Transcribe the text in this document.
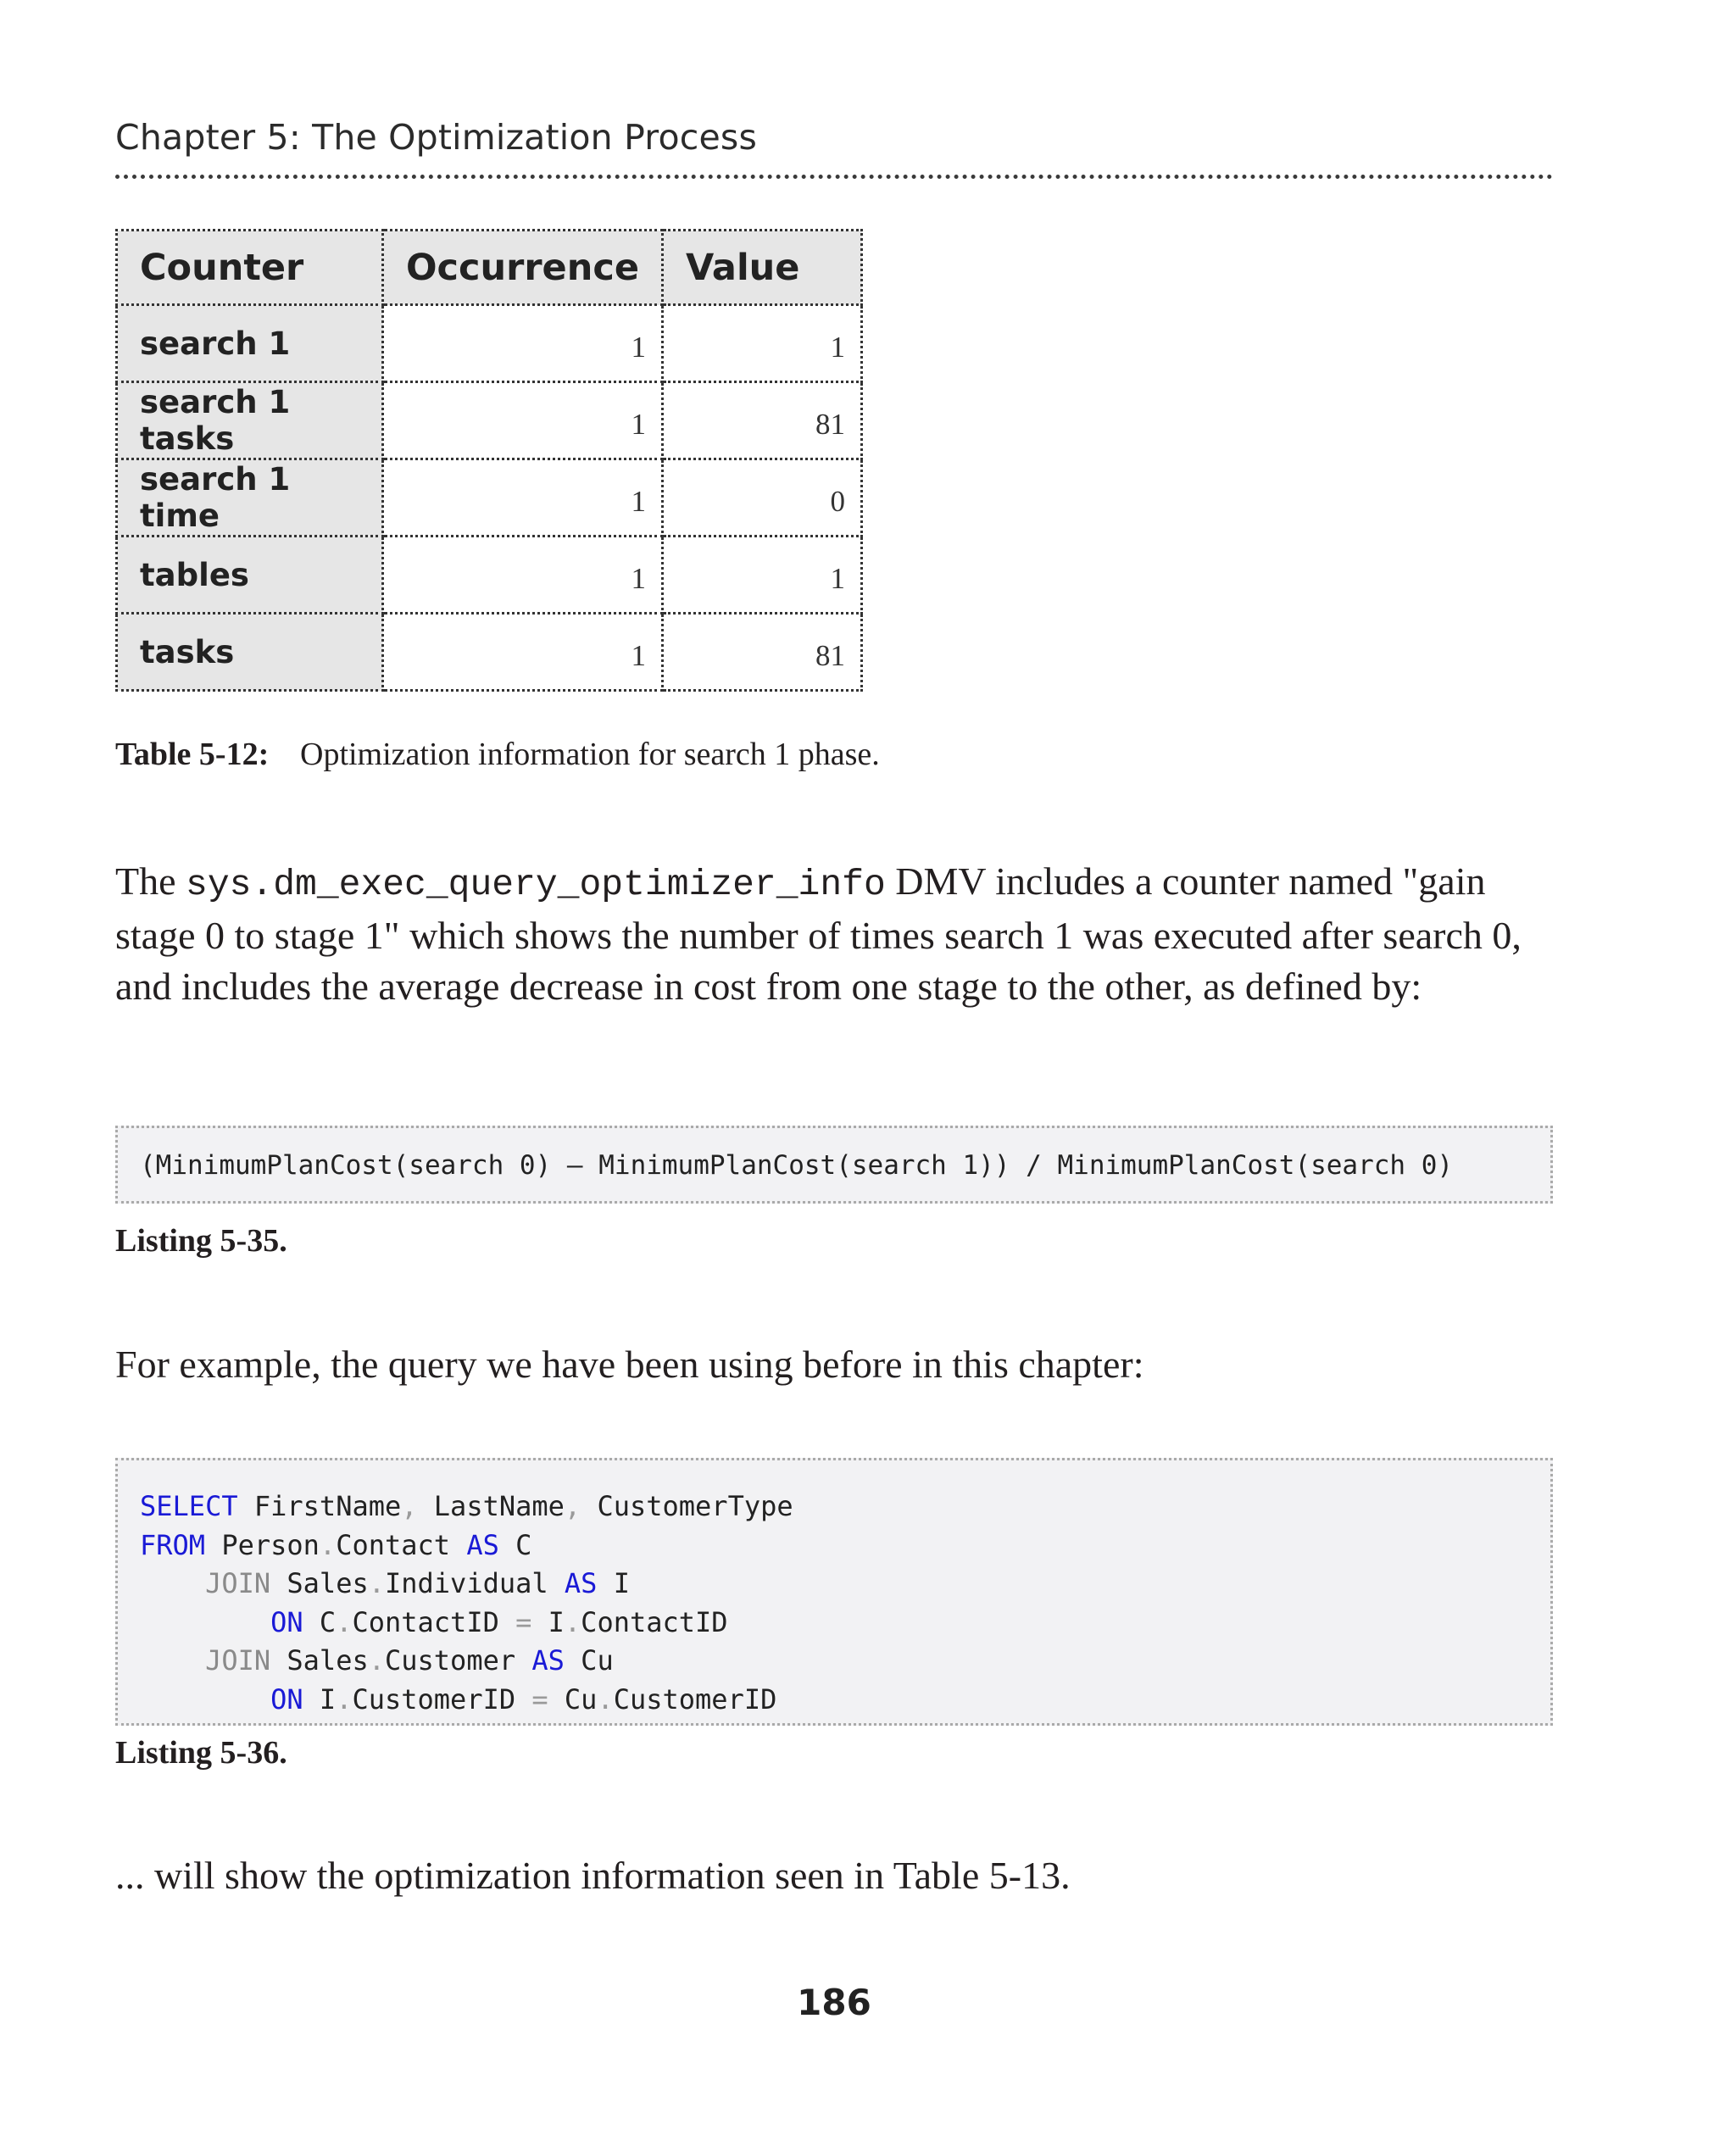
Chapter 5: The Optimization Process
Counter	Occurrence	Value
search 1	1	1
search 1 tasks	1	81
search 1 time	1	0
tables	1	1
tasks	1	81
Table 5-12: Optimization information for search 1 phase.
The sys.dm_exec_query_optimizer_info DMV includes a counter named "gain stage 0 to stage 1" which shows the number of times search 1 was executed after search 0, and includes the average decrease in cost from one stage to the other, as defined by:
(MinimumPlanCost(search 0) – MinimumPlanCost(search 1)) / MinimumPlanCost(search 0)
Listing 5-35.
For example, the query we have been using before in this chapter:
SELECT FirstName, LastName, CustomerType
FROM Person.Contact AS C
JOIN Sales.Individual AS I
ON C.ContactID = I.ContactID
JOIN Sales.Customer AS Cu
ON I.CustomerID = Cu.CustomerID
Listing 5-36.
... will show the optimization information seen in Table 5-13.
186
